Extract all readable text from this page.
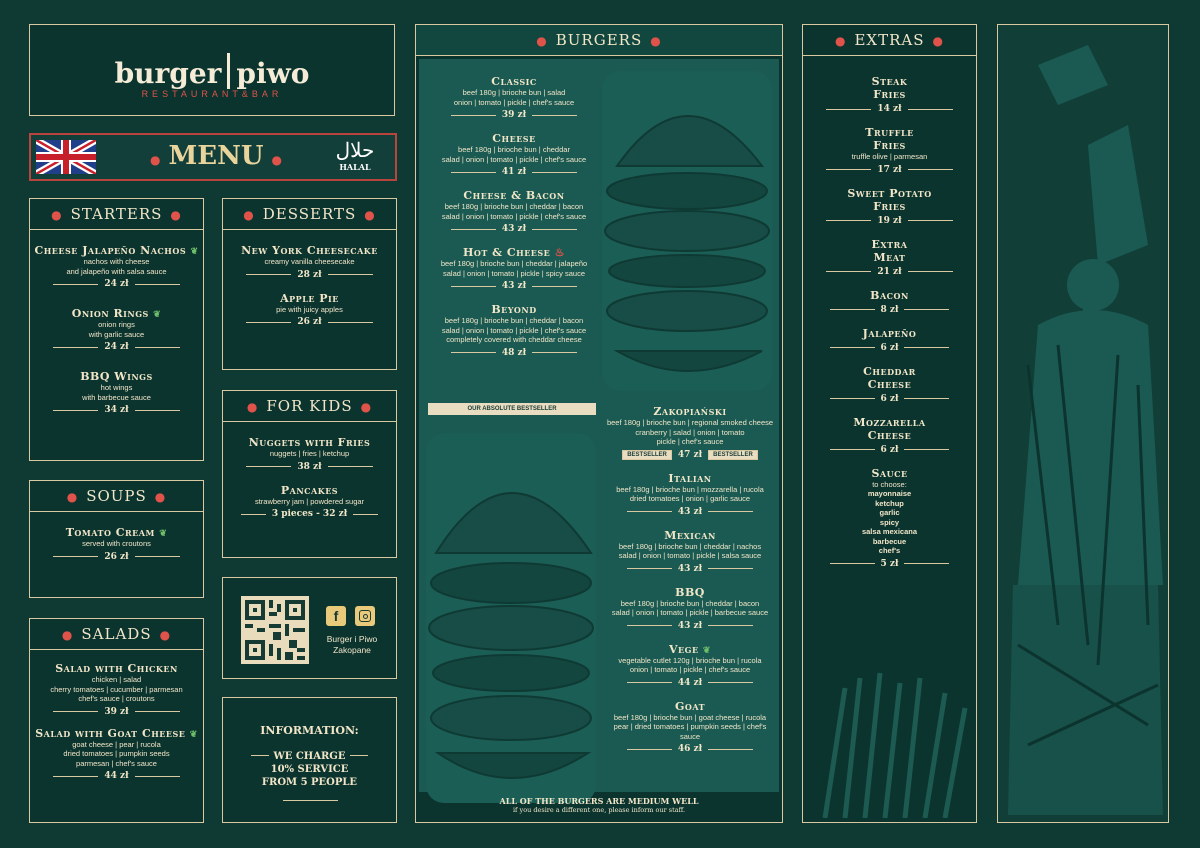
burger piwo
RESTAURANT&BAR
● MENU ●	حلال
HALAL
● STARTERS ●
Cheese Jalapeño Nachos ❦
nachos with cheese
and jalapeño with salsa sauce
24 zł
Onion Rings ❦
onion rings
with garlic sauce
24 zł
BBQ Wings
hot wings
with barbecue sauce
34 zł
● SOUPS ●
Tomato Cream ❦
served with croutons
26 zł
● SALADS ●
Salad with Chicken
chicken | salad
cherry tomatoes | cucumber | parmesan
chef's sauce | croutons
39 zł
Salad with Goat Cheese ❦
goat cheese | pear | rucola
dried tomatoes | pumpkin seeds
parmesan | chef's sauce
44 zł
● DESSERTS ●
New York Cheesecake
creamy vanilla cheesecake
28 zł
Apple Pie
pie with juicy apples
26 zł
● FOR KIDS ●
Nuggets with Fries
nuggets | fries | ketchup
38 zł
Pancakes
strawberry jam | powdered sugar
3 pieces - 32 zł
f
Burger i Piwo
Zakopane
INFORMATION:
WE CHARGE
10% SERVICE
FROM 5 PEOPLE
● BURGERS ●
Classic
beef 180g | brioche bun | salad
onion | tomato | pickle | chef's sauce
39 zł
Cheese
beef 180g | brioche bun | cheddar
salad | onion | tomato | pickle | chef's sauce
41 zł
Cheese & Bacon
beef 180g | brioche bun | cheddar | bacon
salad | onion | tomato | pickle | chef's sauce
43 zł
Hot & Cheese ♨
beef 180g | brioche bun | cheddar | jalapeño
salad | onion | tomato | pickle | spicy sauce
43 zł
Beyond
beef 180g | brioche bun | cheddar | bacon
salad | onion | tomato | pickle | chef's sauce
completely covered with cheddar cheese
48 zł
OUR ABSOLUTE BESTSELLER	Zakopiański
beef 180g | brioche bun | regional smoked cheese
cranberry | salad | onion | tomato
pickle | chef's sauce
BESTSELLER	47 zł	BESTSELLER
Italian
beef 180g | brioche bun | mozzarella | rucola
dried tomatoes | onion | garlic sauce
43 zł
Mexican
beef 180g | brioche bun | cheddar | nachos
salad | onion | tomato | pickle | salsa sauce
43 zł
BBQ
beef 180g | brioche bun | cheddar | bacon
salad | onion | tomato | pickle | barbecue sauce
43 zł
Vege ❦
vegetable cutlet 120g | brioche bun | rucola
onion | tomato | pickle | chef's sauce
44 zł
Goat
beef 180g | brioche bun | goat cheese | rucola
pear | dried tomatoes | pumpkin seeds | chef's sauce
46 zł
ALL OF THE BURGERS ARE MEDIUM WELL
if you desire a different one, please inform our staff.
● EXTRAS ●
Steak
Fries
14 zł
Truffle
Fries
truffle olive | parmesan
17 zł
Sweet Potato
Fries
19 zł
Extra
Meat
21 zł
Bacon
8 zł
Jalapeño
6 zł
Cheddar
Cheese
6 zł
Mozzarella
Cheese
6 zł
Sauce
to choose:
mayonnaise
ketchup
garlic
spicy
salsa mexicana
barbecue
chef's
5 zł
